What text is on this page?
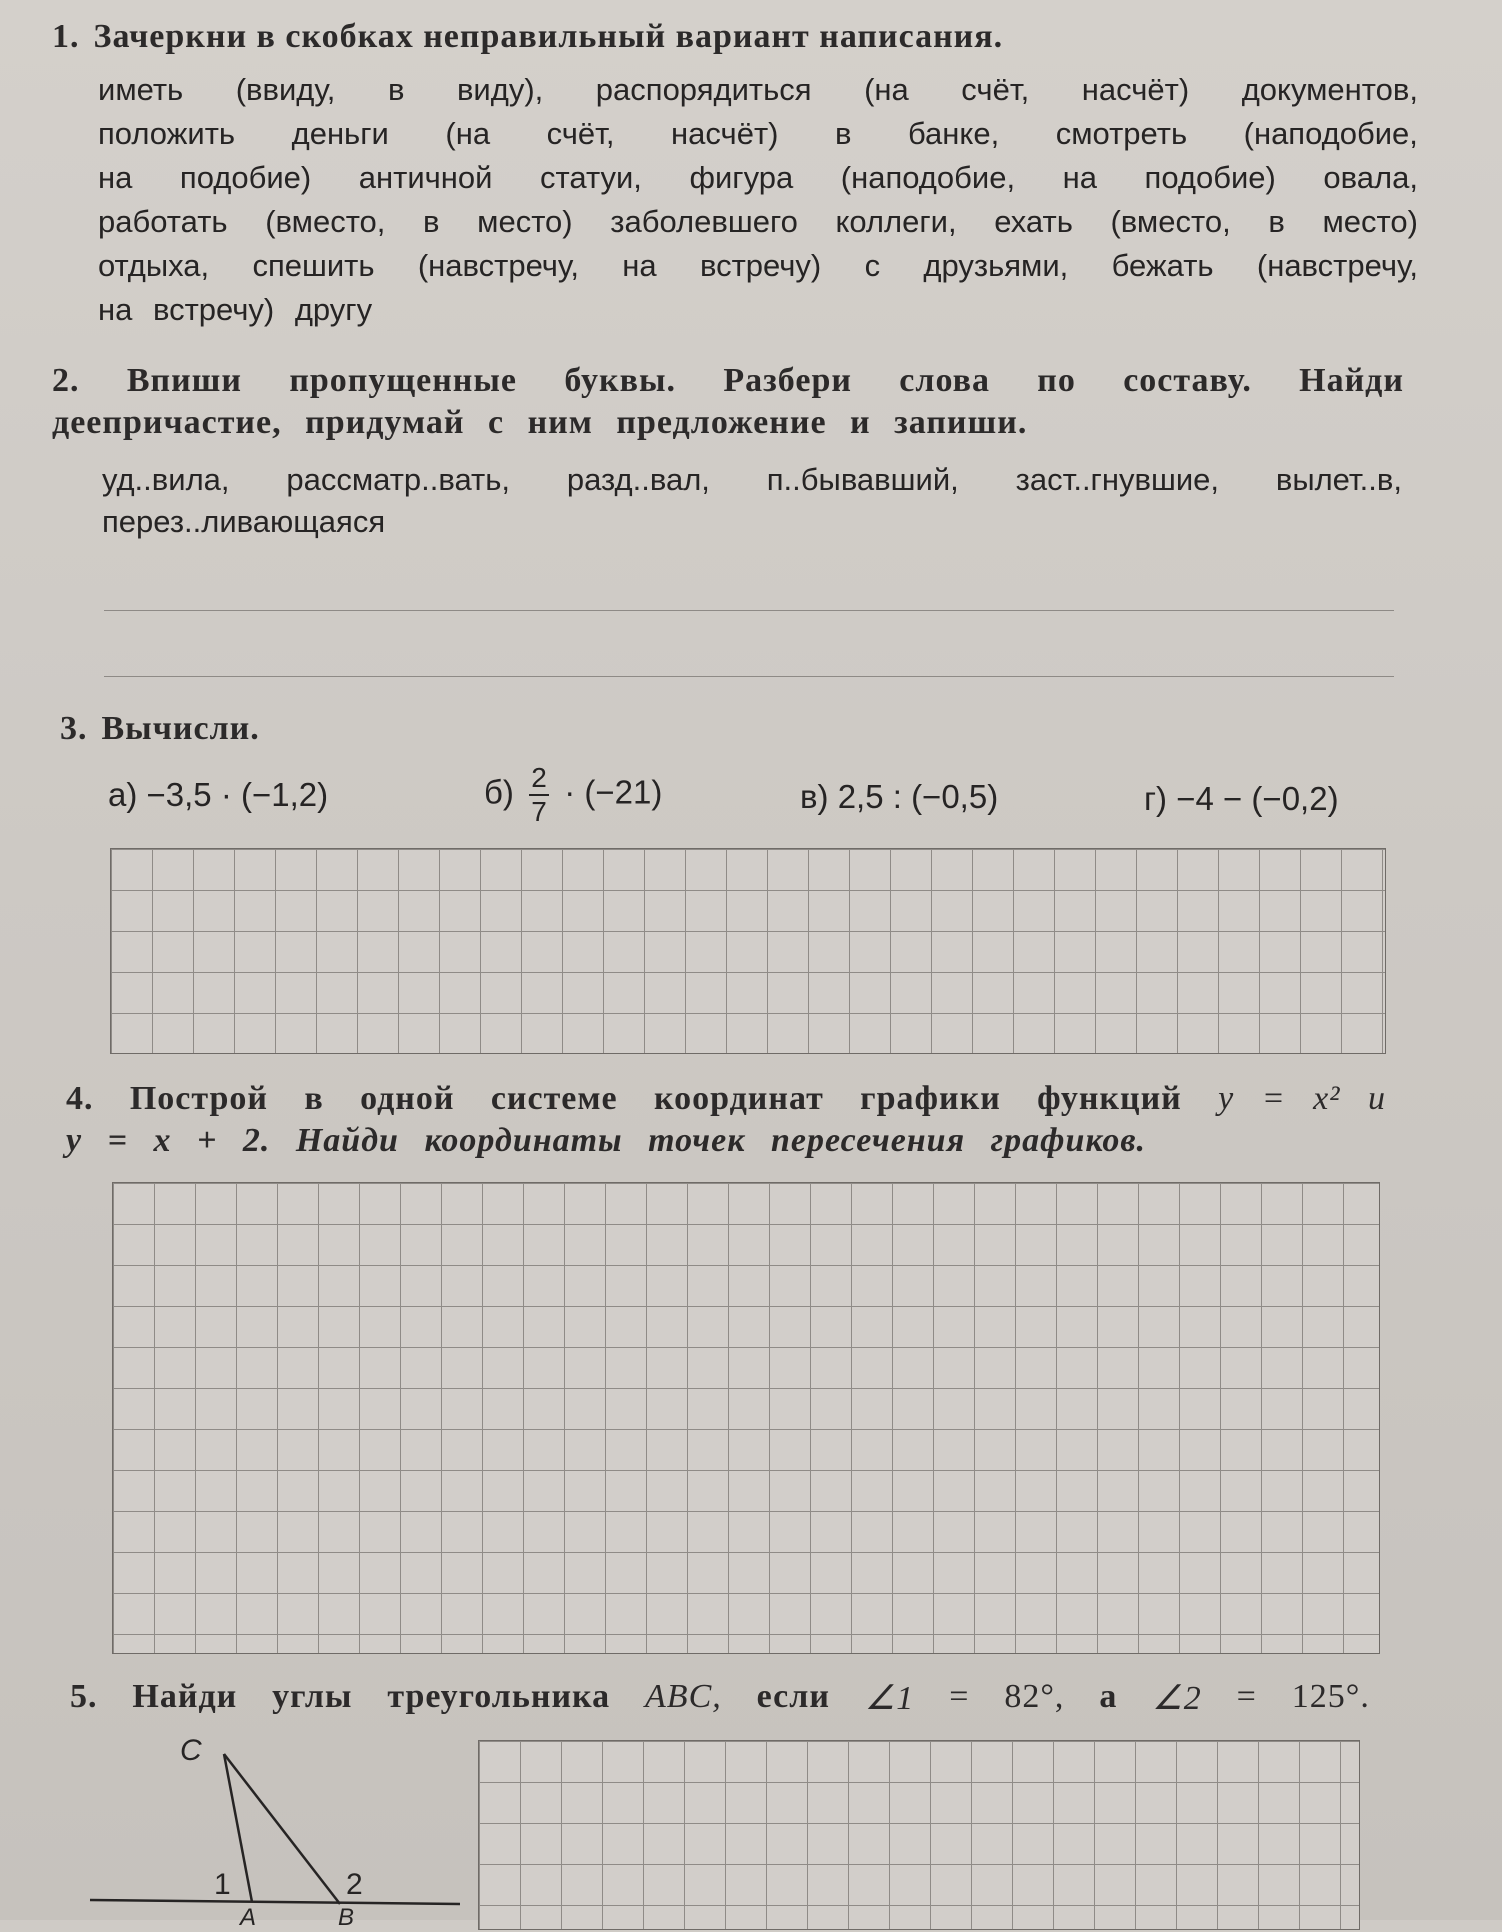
1. Зачеркни в скобках неправильный вариант написания.
иметь (ввиду, в виду), распорядиться (на счёт, насчёт) документов,
положить деньги (на счёт, насчёт) в банке, смотреть (наподобие,
на подобие) античной статуи, фигура (наподобие, на подобие) овала,
работать (вместо, в место) заболевшего коллеги, ехать (вместо, в место)
отдыха, спешить (навстречу, на встречу) с друзьями, бежать (навстречу,
на встречу) другу
2. Впиши пропущенные буквы. Разбери слова по составу. Найди
деепричастие, придумай с ним предложение и запиши.
уд..вила, рассматр..вать, разд..вал, п..бывавший, заст..гнувшие, вылет..в,
перез..ливающаяся
3. Вычисли.
а) −3,5 · (−1,2)	$б) \frac{2}{7} \cdot (-21)$	в) 2,5 : (−0,5)	г) −4 − (−0,2)
4. Построй в одной системе координат графики функций y = x² и
y = x + 2. Найди координаты точек пересечения графиков.
5. Найди углы треугольника ABC, если ∠1 = 82°, а ∠2 = 125°.
C
1	2
A	B
